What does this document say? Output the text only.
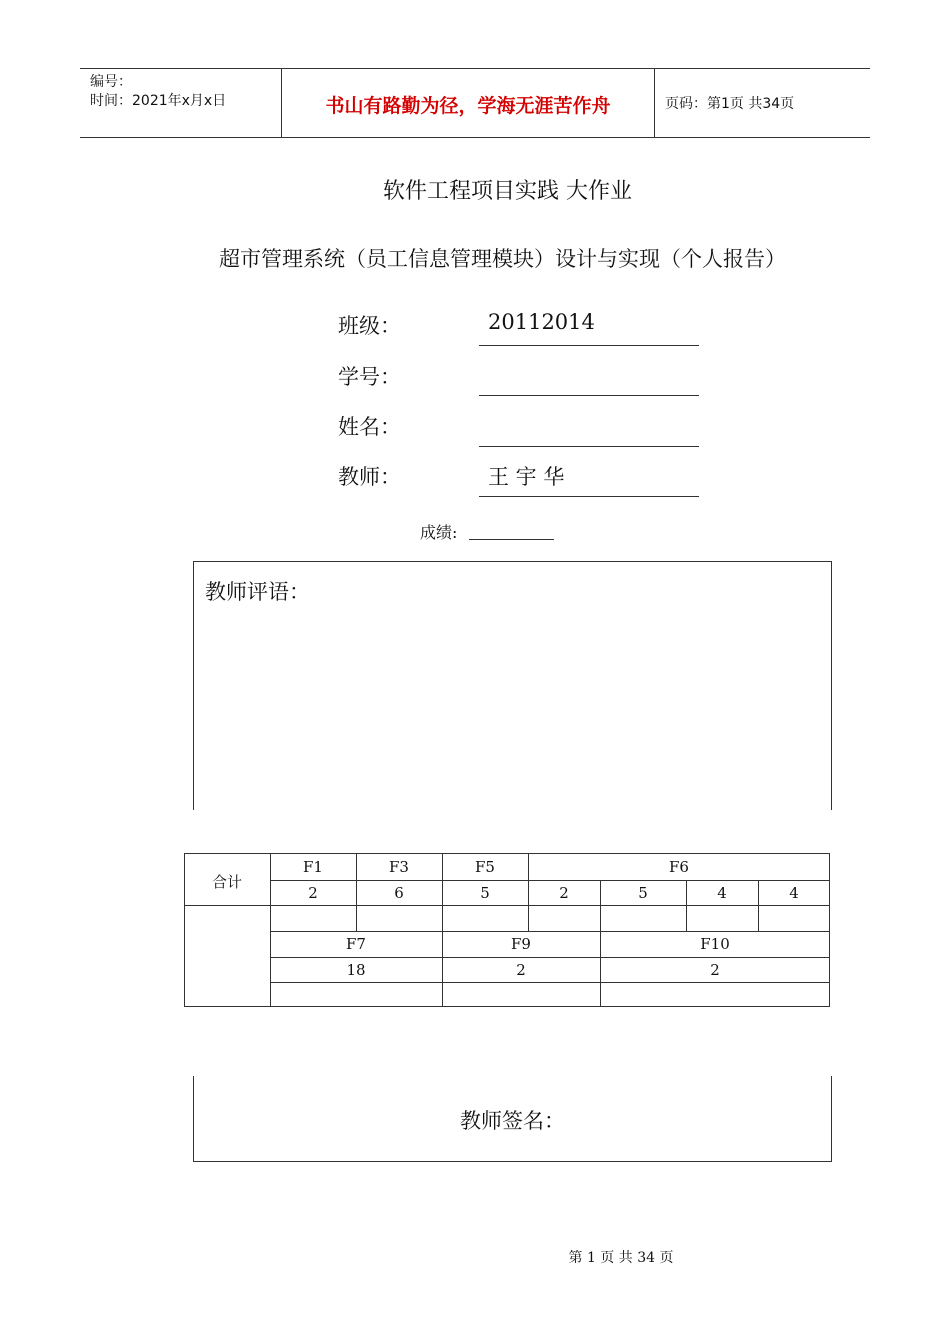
编号：
时间：2021年x月x日	书山有路勤为径，学海无涯苦作舟	页码：第1页 共34页
软件工程项目实践 大作业
超市管理系统（员工信息管理模块）设计与实现（个人报告）
班级：	20112014
学号：
姓名：
教师：	王 宇 华
成绩:
教师评语：
合计
F1	F3	F5	F6
2	6	5	2	5	4	4
F7	F9	F10
18	2	2
教师签名：
第 1 页 共 34 页
